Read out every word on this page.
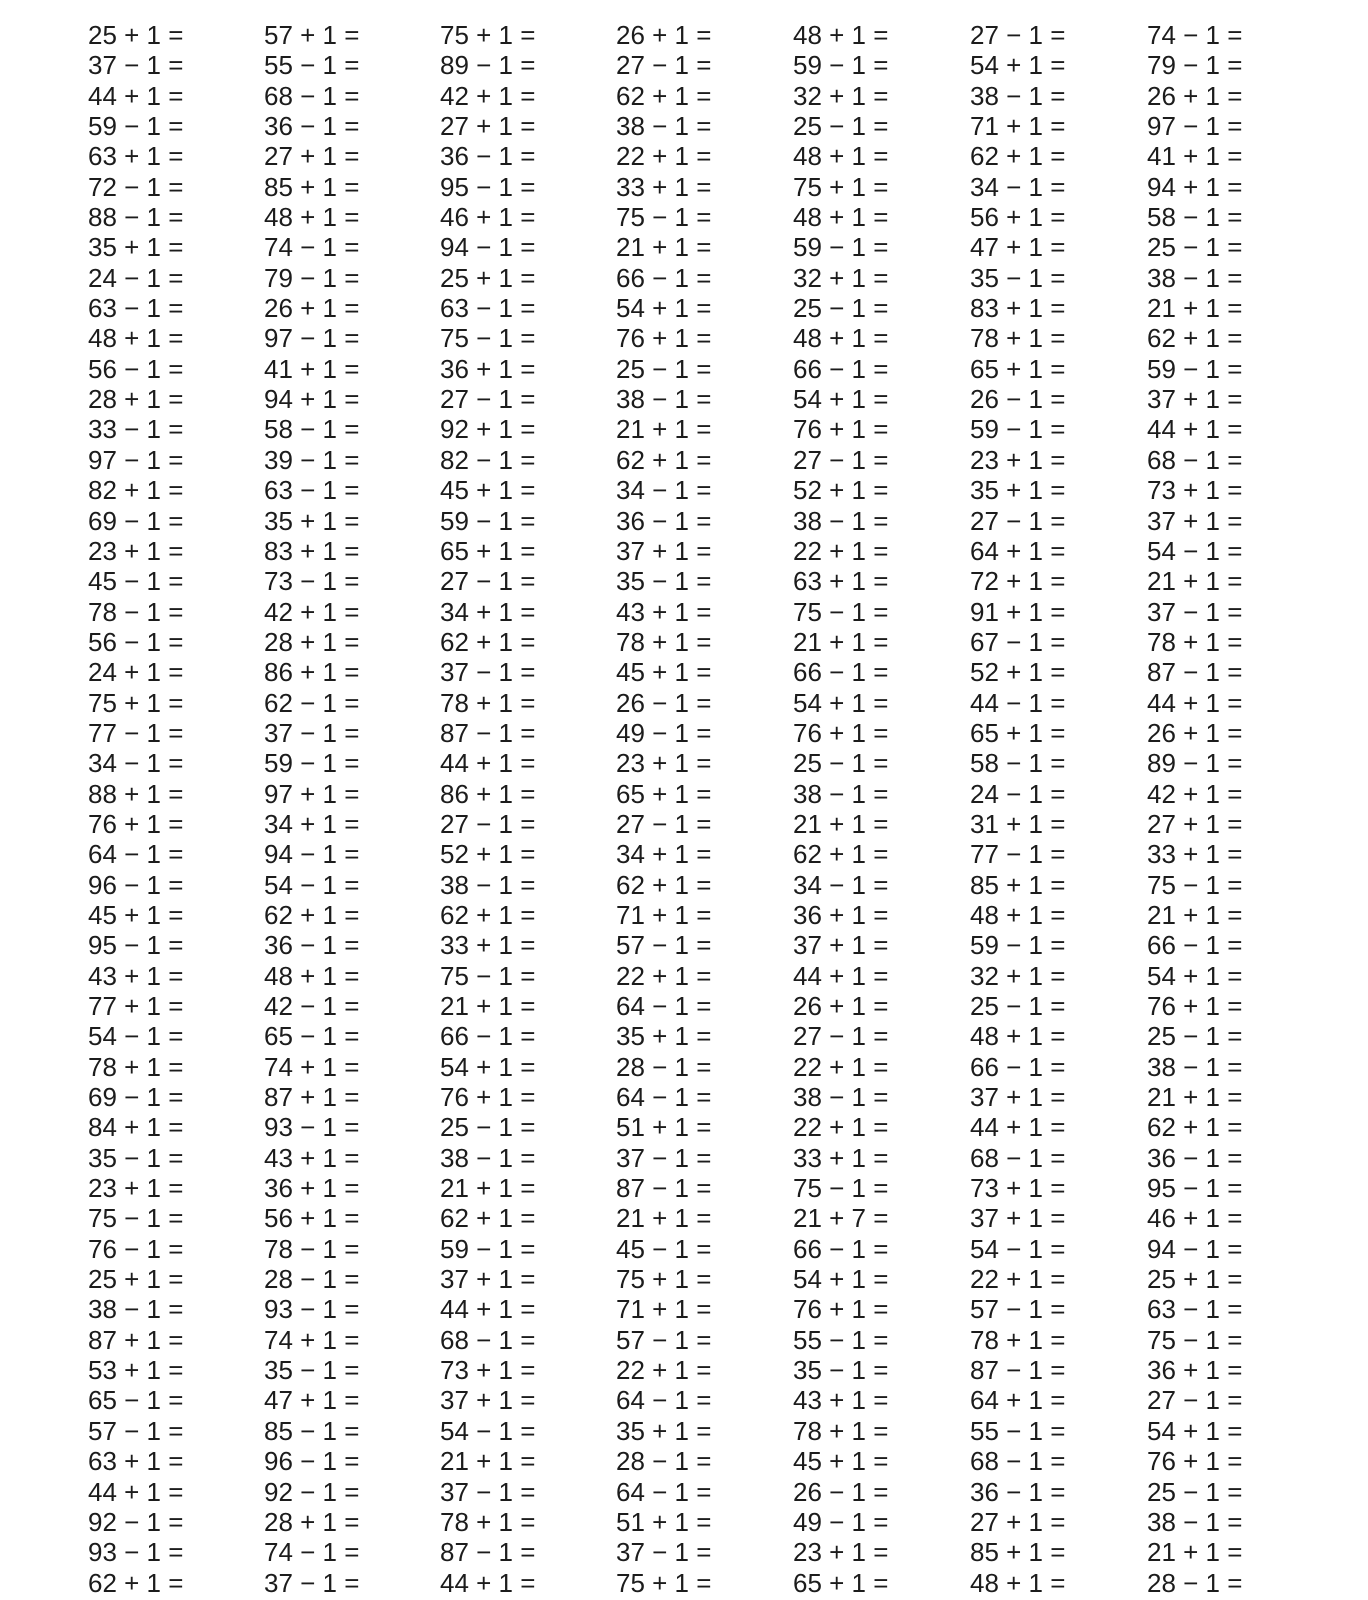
25 + 1 =
37 − 1 =
44 + 1 =
59 − 1 =
63 + 1 =
72 − 1 =
88 − 1 =
35 + 1 =
24 − 1 =
63 − 1 =
48 + 1 =
56 − 1 =
28 + 1 =
33 − 1 =
97 − 1 =
82 + 1 =
69 − 1 =
23 + 1 =
45 − 1 =
78 − 1 =
56 − 1 =
24 + 1 =
75 + 1 =
77 − 1 =
34 − 1 =
88 + 1 =
76 + 1 =
64 − 1 =
96 − 1 =
45 + 1 =
95 − 1 =
43 + 1 =
77 + 1 =
54 − 1 =
78 + 1 =
69 − 1 =
84 + 1 =
35 − 1 =
23 + 1 =
75 − 1 =
76 − 1 =
25 + 1 =
38 − 1 =
87 + 1 =
53 + 1 =
65 − 1 =
57 − 1 =
63 + 1 =
44 + 1 =
92 − 1 =
93 − 1 =
62 + 1 =
57 + 1 =
55 − 1 =
68 − 1 =
36 − 1 =
27 + 1 =
85 + 1 =
48 + 1 =
74 − 1 =
79 − 1 =
26 + 1 =
97 − 1 =
41 + 1 =
94 + 1 =
58 − 1 =
39 − 1 =
63 − 1 =
35 + 1 =
83 + 1 =
73 − 1 =
42 + 1 =
28 + 1 =
86 + 1 =
62 − 1 =
37 − 1 =
59 − 1 =
97 + 1 =
34 + 1 =
94 − 1 =
54 − 1 =
62 + 1 =
36 − 1 =
48 + 1 =
42 − 1 =
65 − 1 =
74 + 1 =
87 + 1 =
93 − 1 =
43 + 1 =
36 + 1 =
56 + 1 =
78 − 1 =
28 − 1 =
93 − 1 =
74 + 1 =
35 − 1 =
47 + 1 =
85 − 1 =
96 − 1 =
92 − 1 =
28 + 1 =
74 − 1 =
37 − 1 =
75 + 1 =
89 − 1 =
42 + 1 =
27 + 1 =
36 − 1 =
95 − 1 =
46 + 1 =
94 − 1 =
25 + 1 =
63 − 1 =
75 − 1 =
36 + 1 =
27 − 1 =
92 + 1 =
82 − 1 =
45 + 1 =
59 − 1 =
65 + 1 =
27 − 1 =
34 + 1 =
62 + 1 =
37 − 1 =
78 + 1 =
87 − 1 =
44 + 1 =
86 + 1 =
27 − 1 =
52 + 1 =
38 − 1 =
62 + 1 =
33 + 1 =
75 − 1 =
21 + 1 =
66 − 1 =
54 + 1 =
76 + 1 =
25 − 1 =
38 − 1 =
21 + 1 =
62 + 1 =
59 − 1 =
37 + 1 =
44 + 1 =
68 − 1 =
73 + 1 =
37 + 1 =
54 − 1 =
21 + 1 =
37 − 1 =
78 + 1 =
87 − 1 =
44 + 1 =
26 + 1 =
27 − 1 =
62 + 1 =
38 − 1 =
22 + 1 =
33 + 1 =
75 − 1 =
21 + 1 =
66 − 1 =
54 + 1 =
76 + 1 =
25 − 1 =
38 − 1 =
21 + 1 =
62 + 1 =
34 − 1 =
36 − 1 =
37 + 1 =
35 − 1 =
43 + 1 =
78 + 1 =
45 + 1 =
26 − 1 =
49 − 1 =
23 + 1 =
65 + 1 =
27 − 1 =
34 + 1 =
62 + 1 =
71 + 1 =
57 − 1 =
22 + 1 =
64 − 1 =
35 + 1 =
28 − 1 =
64 − 1 =
51 + 1 =
37 − 1 =
87 − 1 =
21 + 1 =
45 − 1 =
75 + 1 =
71 + 1 =
57 − 1 =
22 + 1 =
64 − 1 =
35 + 1 =
28 − 1 =
64 − 1 =
51 + 1 =
37 − 1 =
75 + 1 =
48 + 1 =
59 − 1 =
32 + 1 =
25 − 1 =
48 + 1 =
75 + 1 =
48 + 1 =
59 − 1 =
32 + 1 =
25 − 1 =
48 + 1 =
66 − 1 =
54 + 1 =
76 + 1 =
27 − 1 =
52 + 1 =
38 − 1 =
22 + 1 =
63 + 1 =
75 − 1 =
21 + 1 =
66 − 1 =
54 + 1 =
76 + 1 =
25 − 1 =
38 − 1 =
21 + 1 =
62 + 1 =
34 − 1 =
36 + 1 =
37 + 1 =
44 + 1 =
26 + 1 =
27 − 1 =
22 + 1 =
38 − 1 =
22 + 1 =
33 + 1 =
75 − 1 =
21 + 7 =
66 − 1 =
54 + 1 =
76 + 1 =
55 − 1 =
35 − 1 =
43 + 1 =
78 + 1 =
45 + 1 =
26 − 1 =
49 − 1 =
23 + 1 =
65 + 1 =
27 − 1 =
54 + 1 =
38 − 1 =
71 + 1 =
62 + 1 =
34 − 1 =
56 + 1 =
47 + 1 =
35 − 1 =
83 + 1 =
78 + 1 =
65 + 1 =
26 − 1 =
59 − 1 =
23 + 1 =
35 + 1 =
27 − 1 =
64 + 1 =
72 + 1 =
91 + 1 =
67 − 1 =
52 + 1 =
44 − 1 =
65 + 1 =
58 − 1 =
24 − 1 =
31 + 1 =
77 − 1 =
85 + 1 =
48 + 1 =
59 − 1 =
32 + 1 =
25 − 1 =
48 + 1 =
66 − 1 =
37 + 1 =
44 + 1 =
68 − 1 =
73 + 1 =
37 + 1 =
54 − 1 =
22 + 1 =
57 − 1 =
78 + 1 =
87 − 1 =
64 + 1 =
55 − 1 =
68 − 1 =
36 − 1 =
27 + 1 =
85 + 1 =
48 + 1 =
74 − 1 =
79 − 1 =
26 + 1 =
97 − 1 =
41 + 1 =
94 + 1 =
58 − 1 =
25 − 1 =
38 − 1 =
21 + 1 =
62 + 1 =
59 − 1 =
37 + 1 =
44 + 1 =
68 − 1 =
73 + 1 =
37 + 1 =
54 − 1 =
21 + 1 =
37 − 1 =
78 + 1 =
87 − 1 =
44 + 1 =
26 + 1 =
89 − 1 =
42 + 1 =
27 + 1 =
33 + 1 =
75 − 1 =
21 + 1 =
66 − 1 =
54 + 1 =
76 + 1 =
25 − 1 =
38 − 1 =
21 + 1 =
62 + 1 =
36 − 1 =
95 − 1 =
46 + 1 =
94 − 1 =
25 + 1 =
63 − 1 =
75 − 1 =
36 + 1 =
27 − 1 =
54 + 1 =
76 + 1 =
25 − 1 =
38 − 1 =
21 + 1 =
28 − 1 =
